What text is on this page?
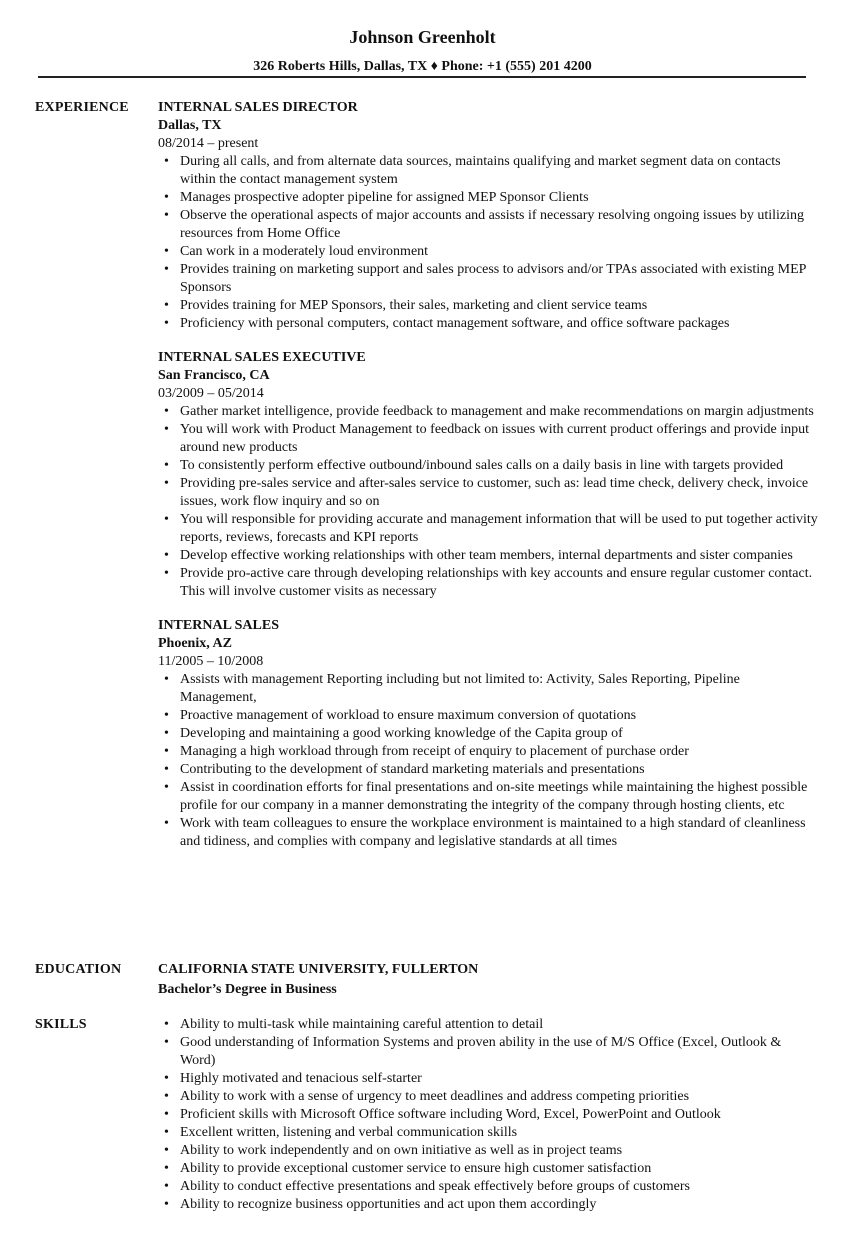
Johnson Greenholt
326 Roberts Hills, Dallas, TX ♦ Phone: +1 (555) 201 4200
EXPERIENCE INTERNAL SALES DIRECTOR
Dallas, TX
08/2014 – present
• During all calls, and from alternate data sources, maintains qualifying and market segment data on contacts within the contact management system
• Manages prospective adopter pipeline for assigned MEP Sponsor Clients
• Observe the operational aspects of major accounts and assists if necessary resolving ongoing issues by utilizing resources from Home Office
• Can work in a moderately loud environment
• Provides training on marketing support and sales process to advisors and/or TPAs associated with existing MEP Sponsors
• Provides training for MEP Sponsors, their sales, marketing and client service teams
• Proficiency with personal computers, contact management software, and office software packages
INTERNAL SALES EXECUTIVE
San Francisco, CA
03/2009 – 05/2014
• Gather market intelligence, provide feedback to management and make recommendations on margin adjustments
• You will work with Product Management to feedback on issues with current product offerings and provide input around new products
• To consistently perform effective outbound/inbound sales calls on a daily basis in line with targets provided
• Providing pre-sales service and after-sales service to customer, such as: lead time check, delivery check, invoice issues, work flow inquiry and so on
• You will responsible for providing accurate and management information that will be used to put together activity reports, reviews, forecasts and KPI reports
• Develop effective working relationships with other team members, internal departments and sister companies
• Provide pro-active care through developing relationships with key accounts and ensure regular customer contact. This will involve customer visits as necessary
INTERNAL SALES
Phoenix, AZ
11/2005 – 10/2008
• Assists with management Reporting including but not limited to: Activity, Sales Reporting, Pipeline Management,
• Proactive management of workload to ensure maximum conversion of quotations
• Developing and maintaining a good working knowledge of the Capita group of
• Managing a high workload through from receipt of enquiry to placement of purchase order
• Contributing to the development of standard marketing materials and presentations
• Assist in coordination efforts for final presentations and on-site meetings while maintaining the highest possible profile for our company in a manner demonstrating the integrity of the company through hosting clients, etc
• Work with team colleagues to ensure the workplace environment is maintained to a high standard of cleanliness and tidiness, and complies with company and legislative standards at all times
EDUCATION	CALIFORNIA STATE UNIVERSITY, FULLERTON
Bachelor’s Degree in Business
SKILLS
•	Ability to multi-task while maintaining careful attention to detail
• Good understanding of Information Systems and proven ability in the use of M/S Office (Excel, Outlook & Word)
• Highly motivated and tenacious self-starter
• Ability to work with a sense of urgency to meet deadlines and address competing priorities
• Proficient skills with Microsoft Office software including Word, Excel, PowerPoint and Outlook
• Excellent written, listening and verbal communication skills
• Ability to work independently and on own initiative as well as in project teams
• Ability to provide exceptional customer service to ensure high customer satisfaction
• Ability to conduct effective presentations and speak effectively before groups of customers
• Ability to recognize business opportunities and act upon them accordingly
